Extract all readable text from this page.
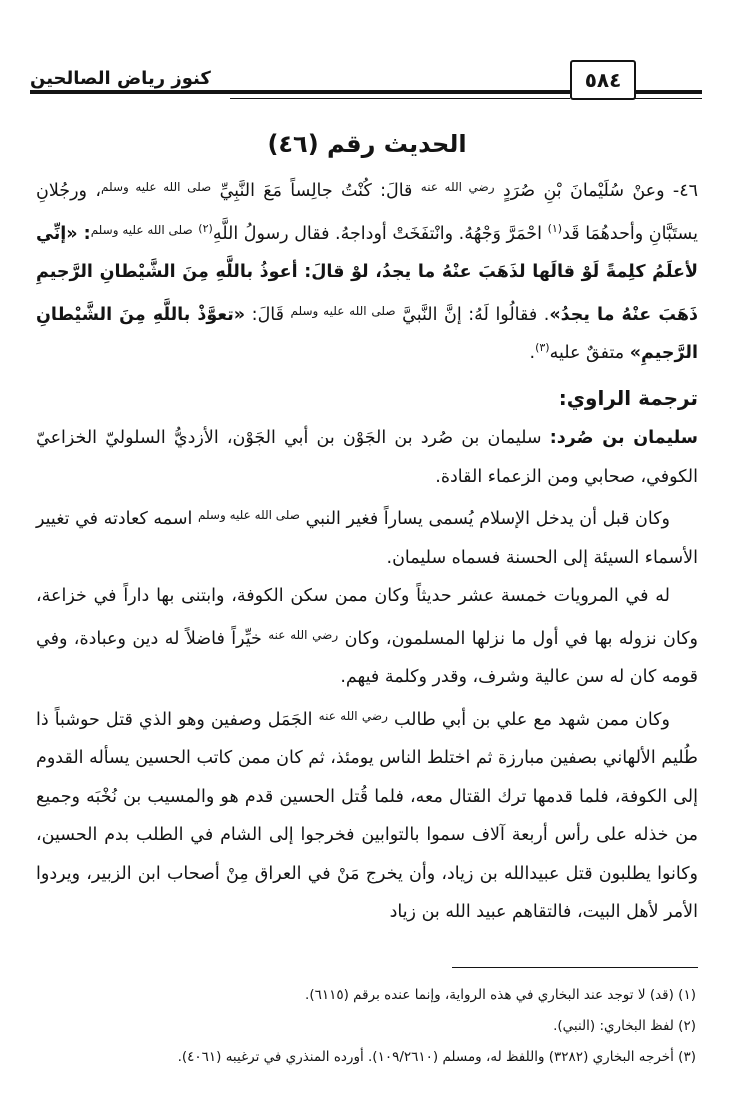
كنوز رياض الصالحين	٥٨٤
الحديث رقم (٤٦)

٤٦- وعنْ سُلَيْمانَ بْنِ صُرَدٍ $^{رضي الله عنه}$ قالَ: كُنْتُ جالِساً مَعَ النَّبِيِّ $^{صلى الله عليه وسلم}$، ورجُلانِ يستَبَّانِ وأحدهُمَا قَد$^{(١)}$ احْمَرَّ وَجْهُهُ. وانْتفَخَتْ أوداجهُ. فقال رسولُ اللَّهِ$^{(٢)}$ $^{صلى الله عليه وسلم}$: «إنِّي لأعلَمُ كلِمةً لَوْ قالَها لذَهَبَ عنْهُ ما يجدُ، لوْ قالَ: أعوذُ باللَّهِ مِنَ الشَّيْطانِ الرَّجيمِ ذَهَبَ عنْهُ ما يجدُ». فقالُوا لَهُ: إنَّ النَّبيَّ $^{صلى الله عليه وسلم}$ قَالَ: «تعوَّذْ باللَّهِ مِنَ الشَّيْطانِ الرَّجيمِ» متفقٌ عليه$^{(٣)}$.

ترجمة الراوي:

سليمان بن صُرد: سليمان بن صُرد بن الجَوْن بن أبي الجَوْن، الأزديُّ السلوليّ الخزاعيّ الكوفي، صحابي ومن الزعماء القادة.

وكان قبل أن يدخل الإسلام يُسمى يساراً فغير النبي $^{صلى الله عليه وسلم}$ اسمه كعادته في تغيير الأسماء السيئة إلى الحسنة فسماه سليمان.

له في المرويات خمسة عشر حديثاً وكان ممن سكن الكوفة، وابتنى بها داراً في خزاعة، وكان نزوله بها في أول ما نزلها المسلمون، وكان $^{رضي الله عنه}$ خيِّراً فاضلاً له دين وعبادة، وفي قومه كان له سن عالية وشرف، وقدر وكلمة فيهم.

وكان ممن شهد مع علي بن أبي طالب $^{رضي الله عنه}$ الجَمَل وصفين وهو الذي قتل حوشباً ذا طُليم الألهاني بصفين مبارزة ثم اختلط الناس يومئذ، ثم كان ممن كاتب الحسين يسأله القدوم إلى الكوفة، فلما قدمها ترك القتال معه، فلما قُتل الحسين قدم هو والمسيب بن نُخْبَه وجميع من خذله على رأس أربعة آلاف سموا بالتوابين فخرجوا إلى الشام في الطلب بدم الحسين، وكانوا يطلبون قتل عبيدالله بن زياد، وأن يخرج مَنْ في العراق مِنْ أصحاب ابن الزبير، ويردوا الأمر لأهل البيت، فالتقاهم عبيد الله بن زياد

(١) (قد) لا توجد عند البخاري في هذه الرواية، وإنما عنده برقم (٦١١٥).
(٢) لفظ البخاري: (النبي).
(٣) أخرجه البخاري (٣٢٨٢) واللفظ له، ومسلم (١٠٩/٢٦١٠). أورده المنذري في ترغيبه (٤٠٦١).
